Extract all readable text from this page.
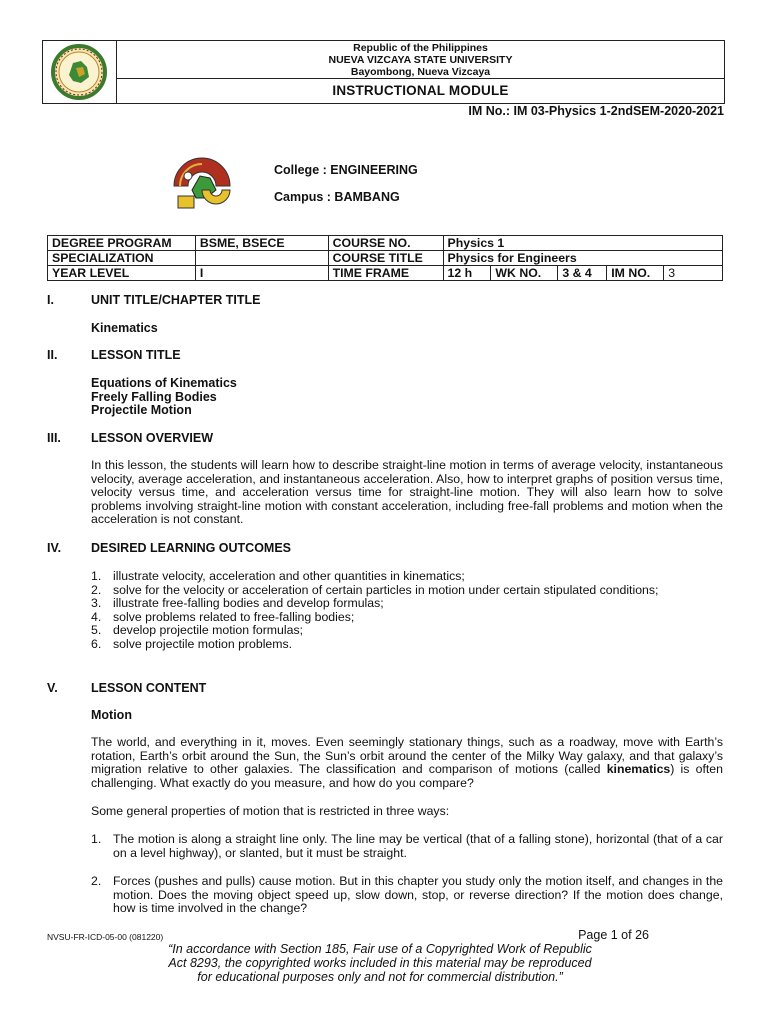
Republic of the Philippines
NUEVA VIZCAYA STATE UNIVERSITY
Bayombong, Nueva Vizcaya
INSTRUCTIONAL MODULE
IM No.: IM 03-Physics 1-2ndSEM-2020-2021
College : ENGINEERING
Campus : BAMBANG
DEGREE PROGRAM	BSME, BSECE	COURSE NO.	Physics 1				
SPECIALIZATION		COURSE TITLE	Physics for Engineers				
YEAR LEVEL	I	TIME FRAME	12 h	WK NO.	3 & 4	IM NO.	3
I.	UNIT TITLE/CHAPTER TITLE
Kinematics
II.	LESSON TITLE
Equations of Kinematics
Freely Falling Bodies
Projectile Motion
III. LESSON OVERVIEW
In this lesson, the students will learn how to describe straight-line motion in terms of average velocity, instantaneous velocity, average acceleration, and instantaneous acceleration. Also, how to interpret graphs of position versus time, velocity versus time, and acceleration versus time for straight-line motion. They will also learn how to solve problems involving straight-line motion with constant acceleration, including free-fall problems and motion when the acceleration is not constant.
IV. DESIRED LEARNING OUTCOMES
1. illustrate velocity, acceleration and other quantities in kinematics;
2. solve for the velocity or acceleration of certain particles in motion under certain stipulated conditions;
3. illustrate free-falling bodies and develop formulas;
4. solve problems related to free-falling bodies;
5. develop projectile motion formulas;
6. solve projectile motion problems.
V.	LESSON CONTENT
Motion
The world, and everything in it, moves. Even seemingly stationary things, such as a roadway, move with Earth’s rotation, Earth’s orbit around the Sun, the Sun’s orbit around the center of the Milky Way galaxy, and that galaxy’s migration relative to other galaxies. The classification and comparison of motions (called kinematics) is often challenging. What exactly do you measure, and how do you compare?
Some general properties of motion that is restricted in three ways:
1. The motion is along a straight line only. The line may be vertical (that of a falling stone), horizontal (that of a car on a level highway), or slanted, but it must be straight.
2. Forces (pushes and pulls) cause motion. But in this chapter you study only the motion itself, and changes in the motion. Does the moving object speed up, slow down, stop, or reverse direction? If the motion does change, how is time involved in the change?
NVSU-FR-ICD-05-00 (081220)	Page 1 of 26
“In accordance with Section 185, Fair use of a Copyrighted Work of Republic
Act 8293, the copyrighted works included in this material may be reproduced
for educational purposes only and not for commercial distribution.”
